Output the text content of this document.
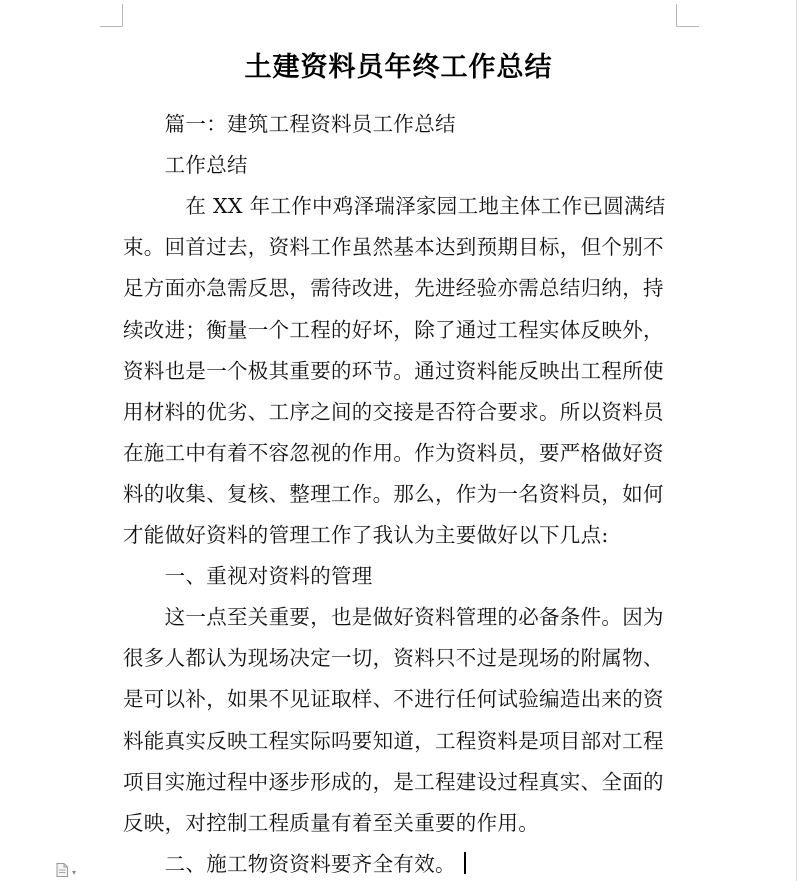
土建资料员年终工作总结
篇一：建筑工程资料员工作总结
工作总结
在 XX 年工作中鸡泽瑞泽家园工地主体工作已圆满结
束。回首过去，资料工作虽然基本达到预期目标，但个别不
足方面亦急需反思，需待改进，先进经验亦需总结归纳，持
续改进；衡量一个工程的好坏，除了通过工程实体反映外，
资料也是一个极其重要的环节。通过资料能反映出工程所使
用材料的优劣、工序之间的交接是否符合要求。所以资料员
在施工中有着不容忽视的作用。作为资料员，要严格做好资
料的收集、复核、整理工作。那么，作为一名资料员，如何
才能做好资料的管理工作了我认为主要做好以下几点:
一、重视对资料的管理
这一点至关重要，也是做好资料管理的必备条件。因为
很多人都认为现场决定一切，资料只不过是现场的附属物、
是可以补，如果不见证取样、不进行任何试验编造出来的资
料能真实反映工程实际吗要知道，工程资料是项目部对工程
项目实施过程中逐步形成的，是工程建设过程真实、全面的
反映，对控制工程质量有着至关重要的作用。
二、施工物资资料要齐全有效。
▾
